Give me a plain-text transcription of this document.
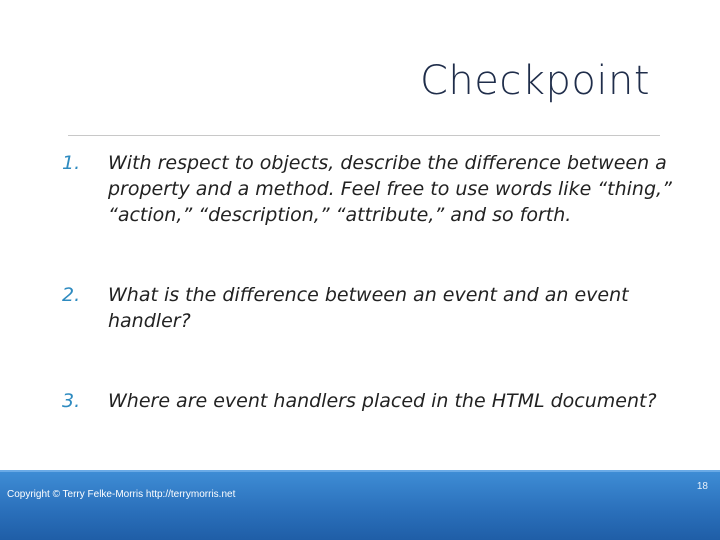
Checkpoint
1.	With respect to objects, describe the difference between a property and a method. Feel free to use words like “thing,” “action,” “description,” “attribute,” and so forth.
2.	What is the difference between an event and an event handler?
3.	Where are event handlers placed in the HTML document?
Copyright © Terry Felke-Morris http://terrymorris.net
18
